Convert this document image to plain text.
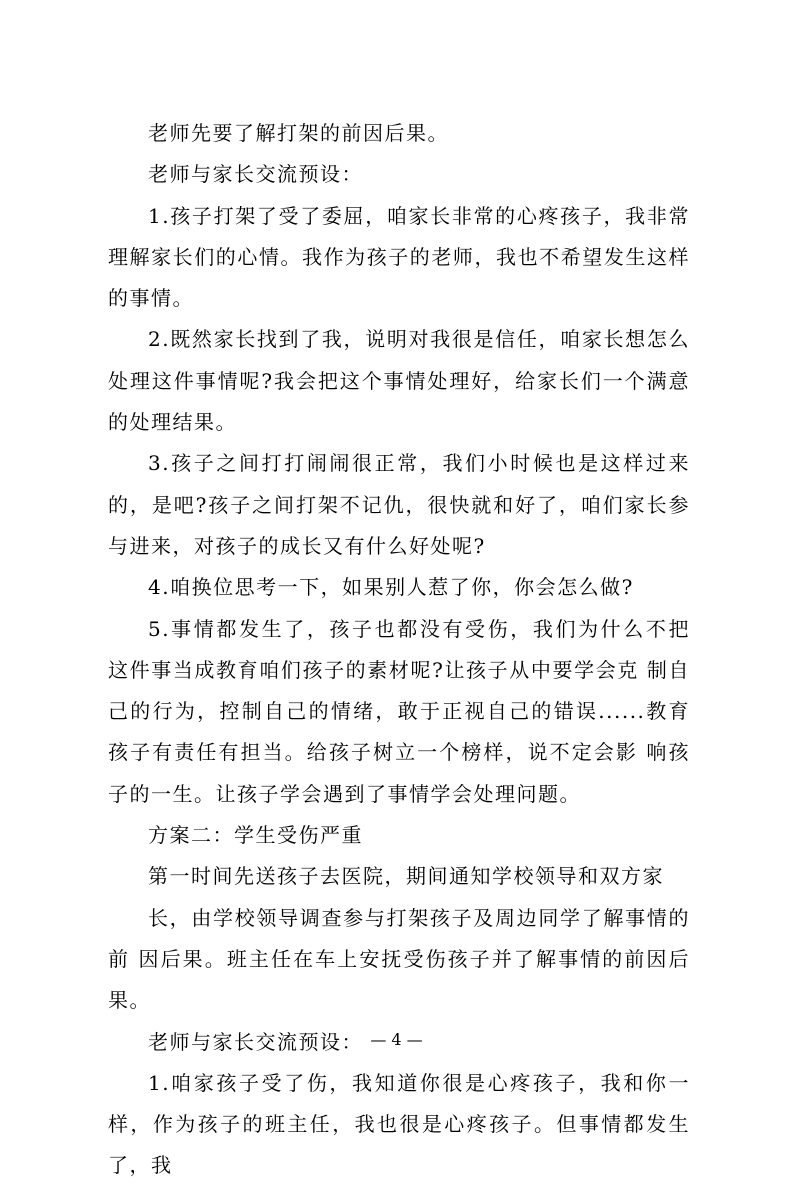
老师先要了解打架的前因后果。

老师与家长交流预设：

1.孩子打架了受了委屈，咱家长非常的心疼孩子，我非常理解家长们的心情。我作为孩子的老师，我也不希望发生这样的事情。

2.既然家长找到了我，说明对我很是信任，咱家长想怎么处理这件事情呢?我会把这个事情处理好，给家长们一个满意的处理结果。

3.孩子之间打打闹闹很正常，我们小时候也是这样过来的，是吧?孩子之间打架不记仇，很快就和好了，咱们家长参与进来，对孩子的成长又有什么好处呢?

4.咱换位思考一下，如果别人惹了你，你会怎么做?

5.事情都发生了，孩子也都没有受伤，我们为什么不把 这件事当成教育咱们孩子的素材呢?让孩子从中要学会克 制自己的行为，控制自己的情绪，敢于正视自己的错误......教育孩子有责任有担当。给孩子树立一个榜样，说不定会影 响孩子的一生。让孩子学会遇到了事情学会处理问题。

方案二：学生受伤严重

第一时间先送孩子去医院，期间通知学校领导和双方家

长，由学校领导调查参与打架孩子及周边同学了解事情的前 因后果。班主任在车上安抚受伤孩子并了解事情的前因后果。

老师与家长交流预设：

1.咱家孩子受了伤，我知道你很是心疼孩子，我和你一样，作为孩子的班主任，我也很是心疼孩子。但事情都发生了，我

— 4 —
